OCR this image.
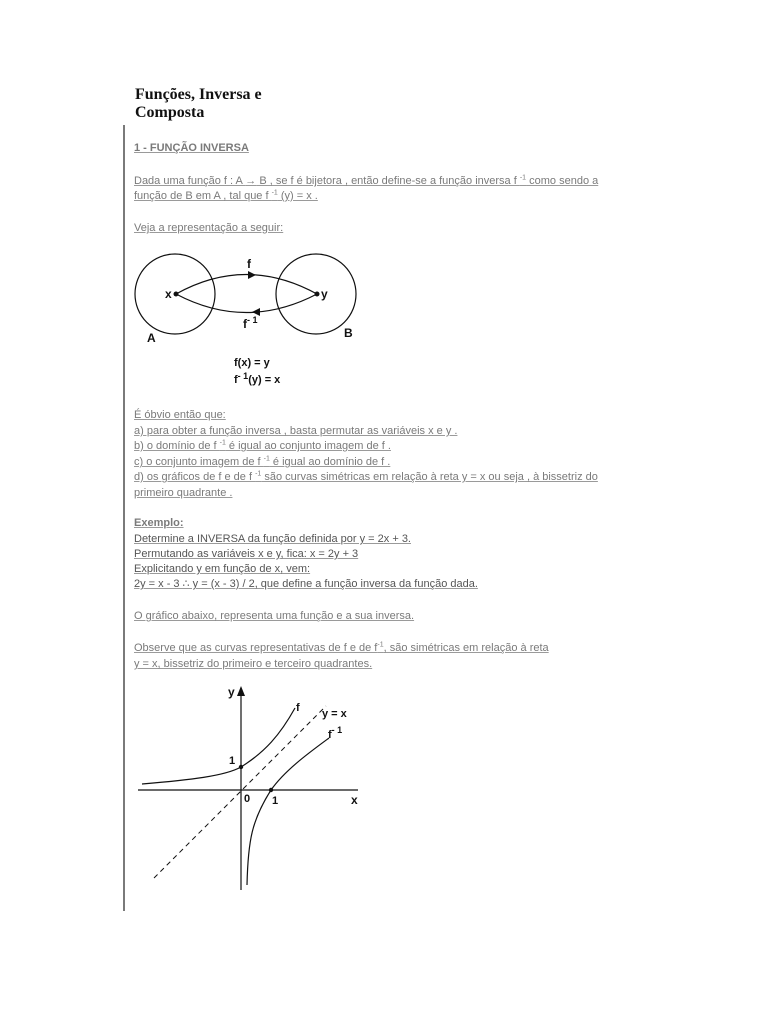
Funções, Inversa e
Composta
1 - FUNÇÃO INVERSA
Dada uma função f : A → B , se f é bijetora , então define-se a função inversa f $^{-1}$ como sendo a
função de B em A , tal que f $^{-1}$ (y) = x .
Veja a representação a seguir:
f
x	y
$f^{- 1}$
A	B
f(x) = y
$f^{- 1}(y) = x$
É óbvio então que:
a) para obter a função inversa , basta permutar as variáveis x e y .
b) o domínio de f $^{-1}$ é igual ao conjunto imagem de f .
c) o conjunto imagem de f $^{-1}$ é igual ao domínio de f .
d) os gráficos de f e de f $^{-1}$ são curvas simétricas em relação à reta y = x ou seja , à bissetriz do
primeiro quadrante .
Exemplo:
Determine a INVERSA da função definida por y = 2x + 3.
Permutando as variáveis x e y, fica: x = 2y + 3
Explicitando y em função de x, vem:
2y = x - 3 ∴ y = (x - 3) / 2, que define a função inversa da função dada.
O gráfico abaixo, representa uma função e a sua inversa.
Observe que as curvas representativas de f e de $f^{-1}$, são simétricas em relação à reta
y = x, bissetriz do primeiro e terceiro quadrantes.
y
x
f y = x
$f^{- 1}$
1
0 1
